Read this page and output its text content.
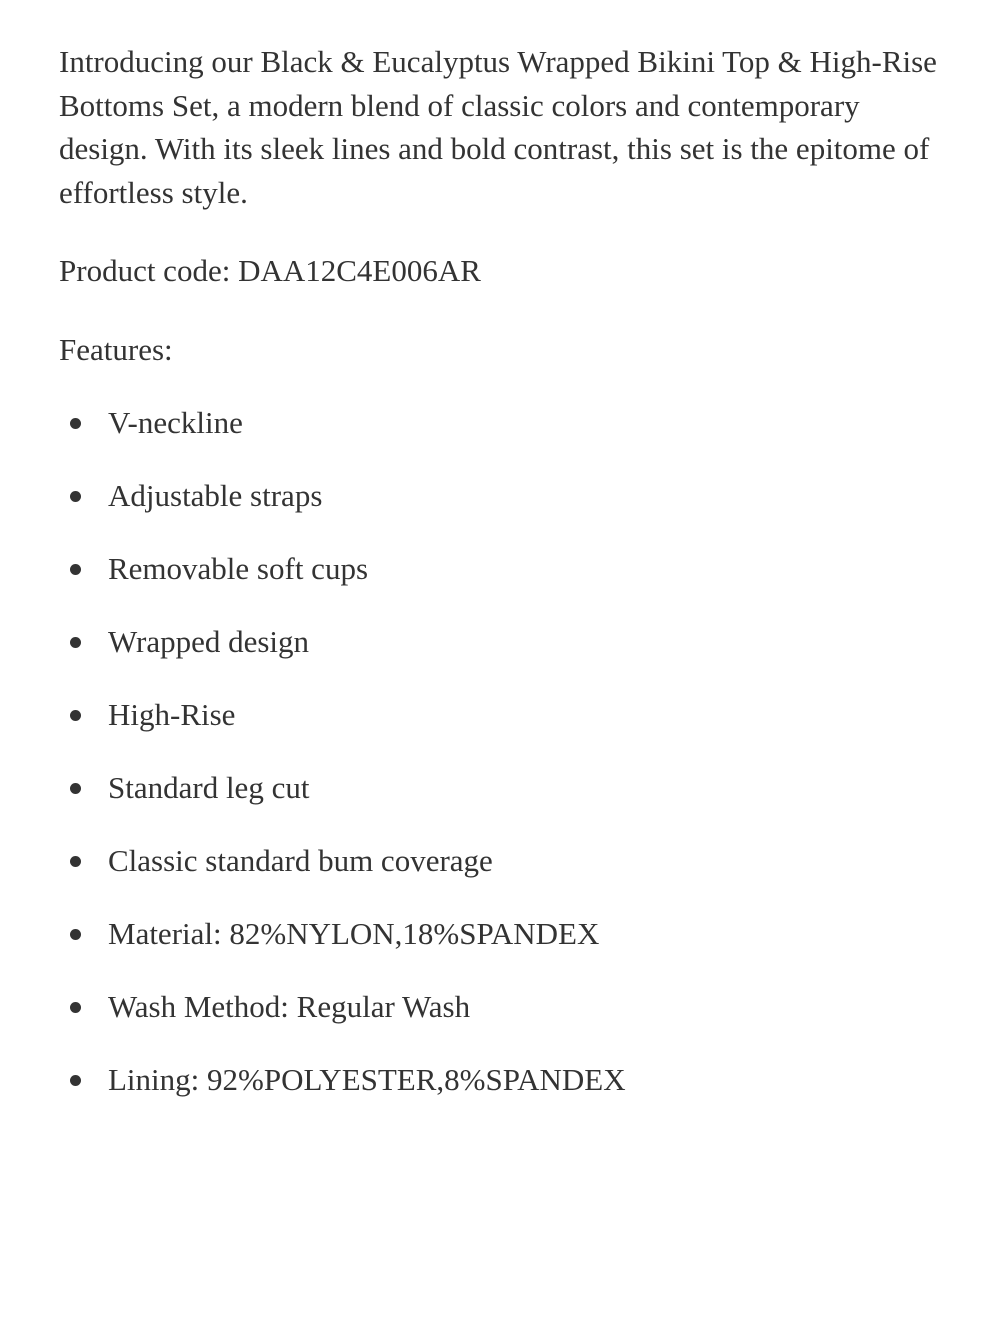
Introducing our Black & Eucalyptus Wrapped Bikini Top & High-Rise Bottoms Set, a modern blend of classic colors and contemporary design. With its sleek lines and bold contrast, this set is the epitome of effortless style.

Product code: DAA12C4E006AR

Features:

V-neckline
Adjustable straps
Removable soft cups
Wrapped design
High-Rise
Standard leg cut
Classic standard bum coverage
Material: 82%NYLON,18%SPANDEX
Wash Method: Regular Wash
Lining: 92%POLYESTER,8%SPANDEX
